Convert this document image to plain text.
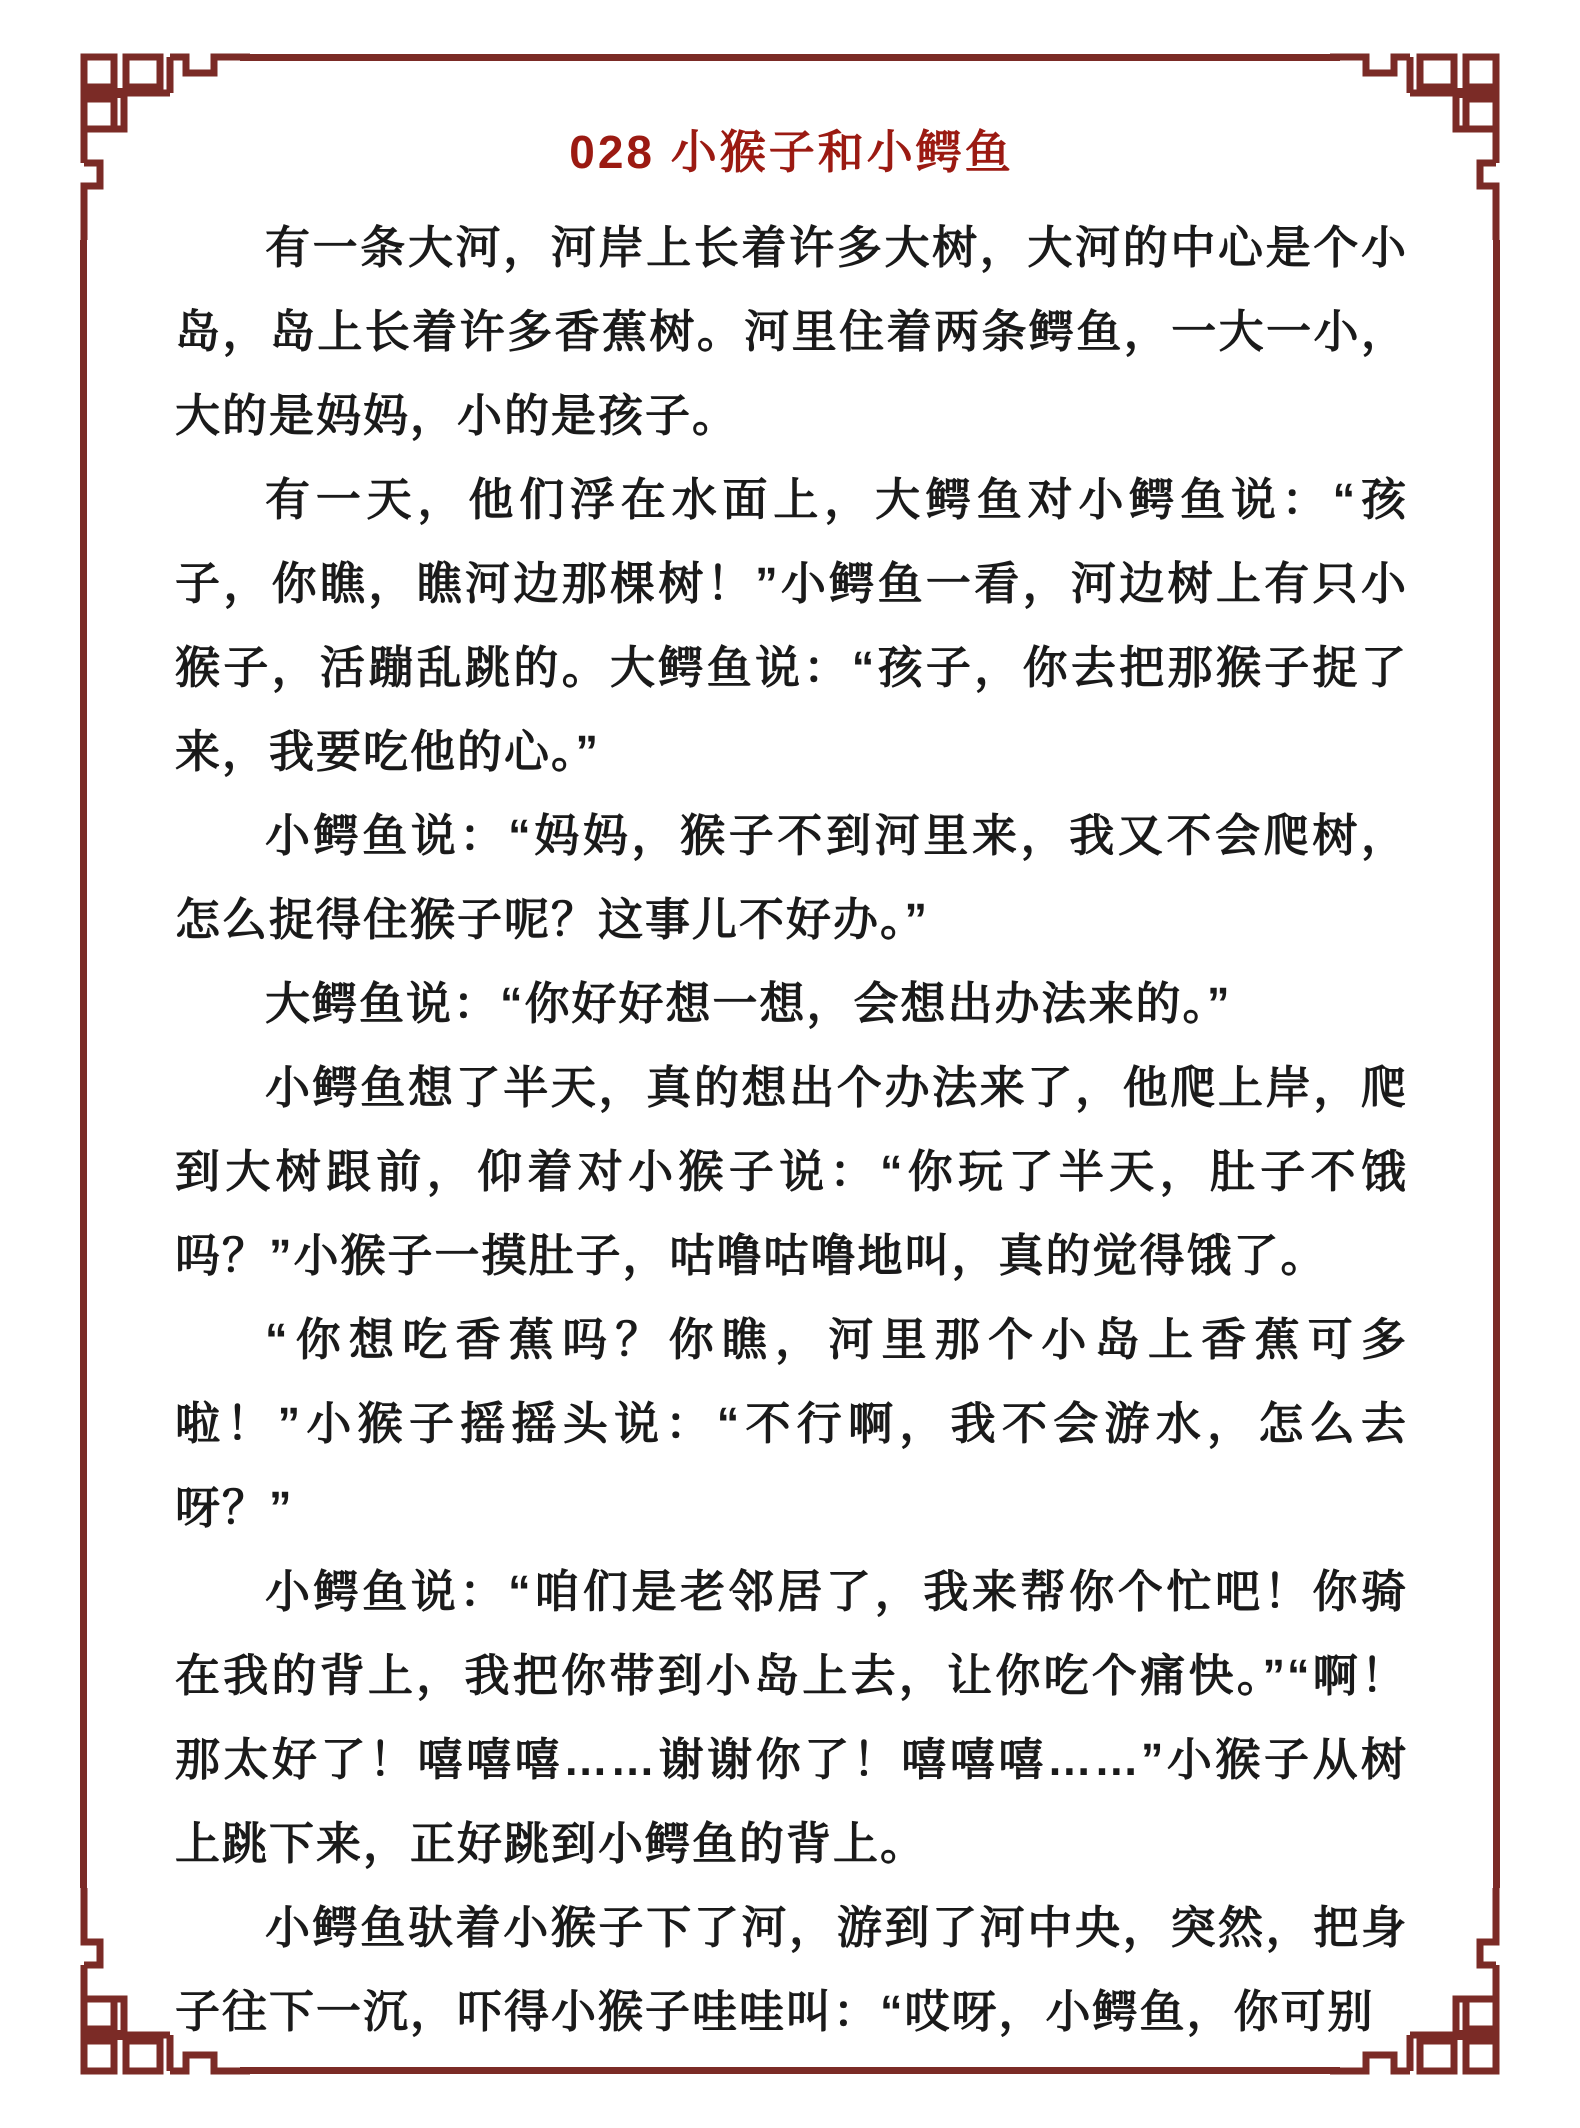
028 小猴子和小鳄鱼

有一条大河，河岸上长着许多大树，大河的中心是个小岛，岛上长着许多香蕉树。河里住着两条鳄鱼，一大一小，大的是妈妈，小的是孩子。

有一天，他们浮在水面上，大鳄鱼对小鳄鱼说：“孩子，你瞧，瞧河边那棵树！”小鳄鱼一看，河边树上有只小猴子，活蹦乱跳的。大鳄鱼说：“孩子，你去把那猴子捉了来，我要吃他的心。”

小鳄鱼说：“妈妈，猴子不到河里来，我又不会爬树，怎么捉得住猴子呢？这事儿不好办。”

大鳄鱼说：“你好好想一想，会想出办法来的。”

小鳄鱼想了半天，真的想出个办法来了，他爬上岸，爬到大树跟前，仰着对小猴子说：“你玩了半天，肚子不饿吗？”小猴子一摸肚子，咕噜咕噜地叫，真的觉得饿了。

“你想吃香蕉吗？你瞧，河里那个小岛上香蕉可多啦！”小猴子摇摇头说：“不行啊，我不会游水，怎么去呀？”

小鳄鱼说：“咱们是老邻居了，我来帮你个忙吧！你骑在我的背上，我把你带到小岛上去，让你吃个痛快。”“啊！那太好了！嘻嘻嘻……谢谢你了！嘻嘻嘻……”小猴子从树上跳下来，正好跳到小鳄鱼的背上。

小鳄鱼驮着小猴子下了河，游到了河中央，突然，把身子往下一沉，吓得小猴子哇哇叫：“哎呀，小鳄鱼，你可别
